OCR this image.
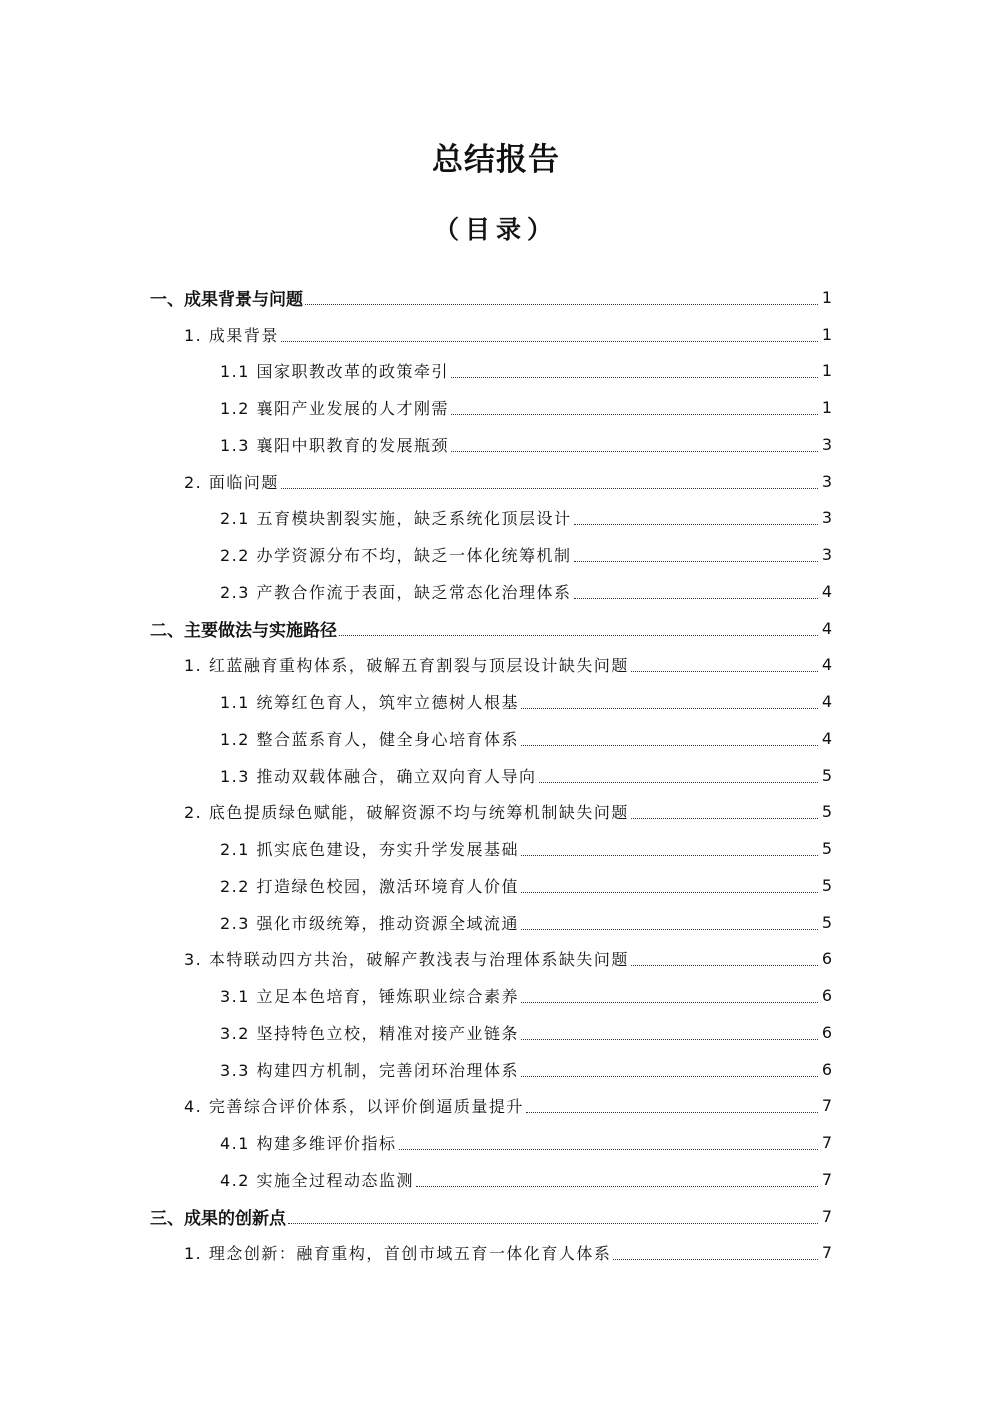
总结报告
（目录）
一、成果背景与问题	1
1. 成果背景	1
1.1 国家职教改革的政策牵引	1
1.2 襄阳产业发展的人才刚需	1
1.3 襄阳中职教育的发展瓶颈	3
2. 面临问题	3
2.1 五育模块割裂实施，缺乏系统化顶层设计	3
2.2 办学资源分布不均，缺乏一体化统筹机制	3
2.3 产教合作流于表面，缺乏常态化治理体系	4
二、主要做法与实施路径	4
1. 红蓝融育重构体系，破解五育割裂与顶层设计缺失问题	4
1.1 统筹红色育人，筑牢立德树人根基	4
1.2 整合蓝系育人，健全身心培育体系	4
1.3 推动双载体融合，确立双向育人导向	5
2. 底色提质绿色赋能，破解资源不均与统筹机制缺失问题	5
2.1 抓实底色建设，夯实升学发展基础	5
2.2 打造绿色校园，激活环境育人价值	5
2.3 强化市级统筹，推动资源全域流通	5
3. 本特联动四方共治，破解产教浅表与治理体系缺失问题	6
3.1 立足本色培育，锤炼职业综合素养	6
3.2 坚持特色立校，精准对接产业链条	6
3.3 构建四方机制，完善闭环治理体系	6
4. 完善综合评价体系，以评价倒逼质量提升	7
4.1 构建多维评价指标	7
4.2 实施全过程动态监测	7
三、成果的创新点	7
1. 理念创新：融育重构，首创市域五育一体化育人体系	7
